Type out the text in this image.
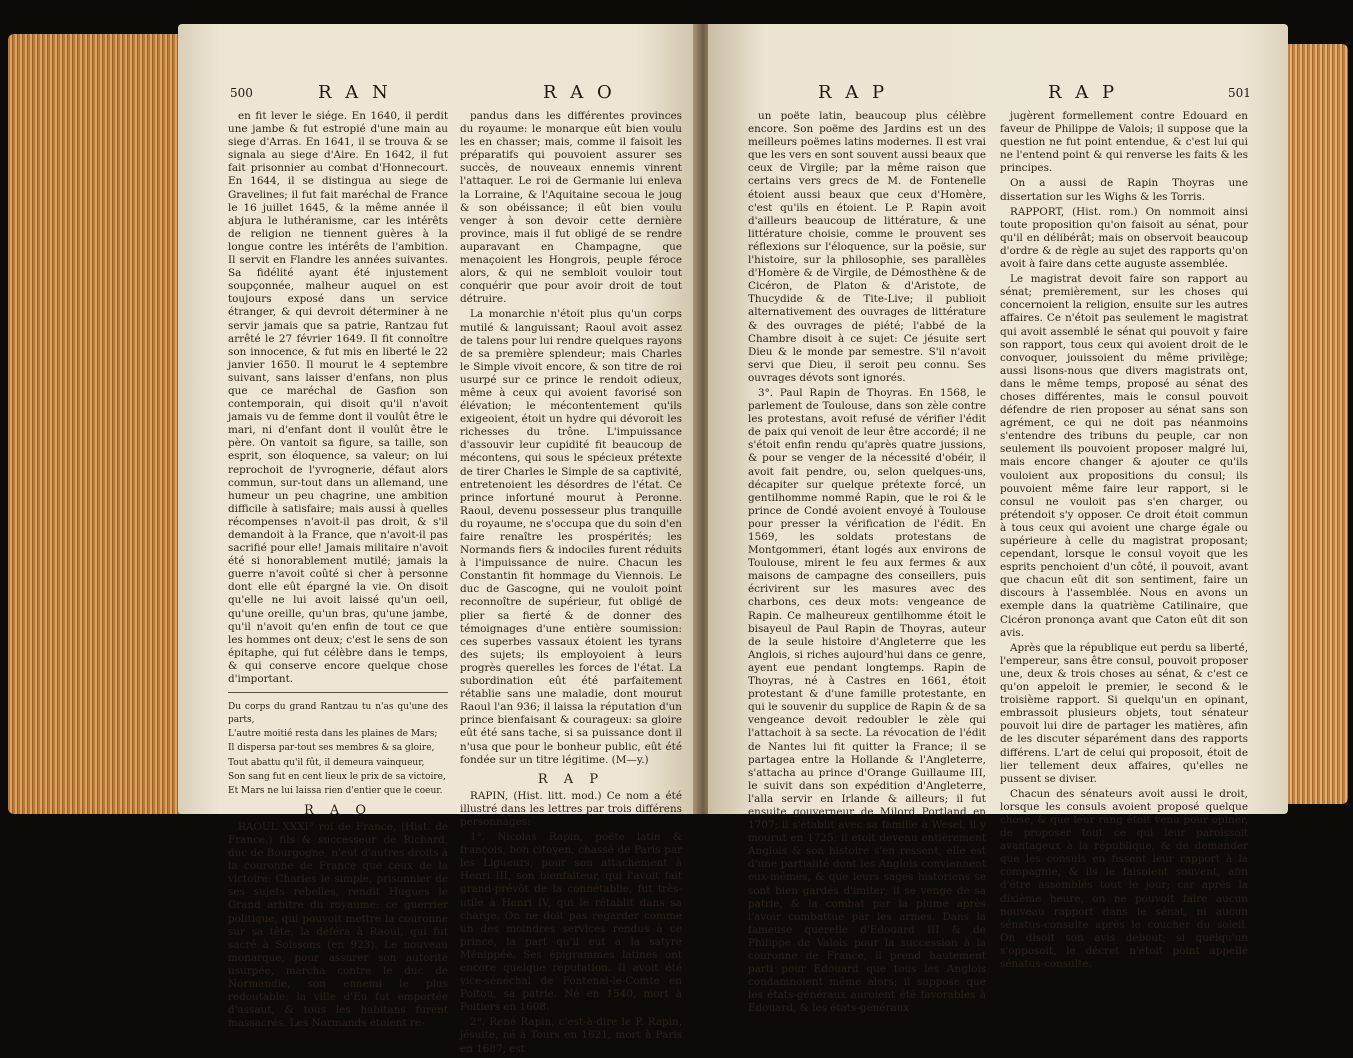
500	R A N	R A O

en fit lever le siége. En 1640, il perdit une jambe & fut estropié d'une main au siege d'Arras. En 1641, il se trouva & se signala au siege d'Aire. En 1642, il fut fait prisonnier au combat d'Honnecourt. En 1644, il se distingua au siege de Gravelines; il fut fait maréchal de France le 16 juillet 1645, & la même année il abjura le luthéranisme, car les intérêts de religion ne tiennent guères à la longue contre les intérêts de l'ambition. Il servit en Flandre les années suivantes. Sa fidélité ayant été injustement soupçonnée, malheur auquel on est toujours exposé dans un service étranger, & qui devroit déterminer à ne servir jamais que sa patrie, Rantzau fut arrêté le 27 février 1649. Il fit connoître son innocence, & fut mis en liberté le 22 janvier 1650. Il mourut le 4 septembre suivant, sans laisser d'enfans, non plus que ce maréchal de Gasfion son contemporain, qui disoit qu'il n'avoit jamais vu de femme dont il voulût être le mari, ni d'enfant dont il voulût être le père. On vantoit sa figure, sa taille, son esprit, son éloquence, sa valeur; on lui reprochoit de l'yvrognerie, défaut alors commun, sur-tout dans un allemand, une humeur un peu chagrine, une ambition difficile à satisfaire; mais aussi à quelles récompenses n'avoit-il pas droit, & s'il demandoit à la France, que n'avoit-il pas sacrifié pour elle! Jamais militaire n'avoit été si honorablement mutilé; jamais la guerre n'avoit coûté si cher à personne dont elle eût épargné la vie. On disoit qu'elle ne lui avoit laissé qu'un oeil, qu'une oreille, qu'un bras, qu'une jambe, qu'il n'avoit qu'en enfin de tout ce que les hommes ont deux; c'est le sens de son épitaphe, qui fut célèbre dans le temps, & qui conserve encore quelque chose d'important.

Du corps du grand Rantzau tu n'as qu'une des parts,

L'autre moitié resta dans les plaines de Mars;

Il dispersa par-tout ses membres & sa gloire,

Tout abattu qu'il fût, il demeura vainqueur,

Son sang fut en cent lieux le prix de sa victoire,

Et Mars ne lui laissa rien d'entier que le coeur.

R A O

RAOUL XXXI° roi de France, (Hist. de France.) fils & successeur de Richard, duc de Bourgogne, n'eut d'autres droits à la couronne de France que ceux de la victoire: Charles le simple, prisonnier de ses sujets rebelles, rendit Hugues le Grand arbitre du royaume: ce guerrier politique, qui pouvoit mettre la couronne sur sa tête, la déféra à Raoul, qui fut sacré à Soissons (en 923). Le nouveau monarque, pour assurer son autorité usurpée, marcha contre le duc de Normandie, son ennemi le plus redoutable; la ville d'Eu fut emportée d'assaut, & tous les habitans furent massacrés. Les Normands étoient re-

pandus dans les différentes provinces du royaume: le monarque eût bien voulu les en chasser; mais, comme il faisoit les préparatifs qui pouvoient assurer ses succès, de nouveaux ennemis vinrent l'attaquer. Le roi de Germanie lui enleva la Lorraine, & l'Aquitaine secoua le joug & son obéissance; il eût bien voulu venger à son devoir cette dernière province, mais il fut obligé de se rendre auparavant en Champagne, que menaçoient les Hongrois, peuple féroce alors, & qui ne sembloit vouloir tout conquérir que pour avoir droit de tout détruire.

La monarchie n'étoit plus qu'un corps mutilé & languissant; Raoul avoit assez de talens pour lui rendre quelques rayons de sa première splendeur; mais Charles le Simple vivoit encore, & son titre de roi usurpé sur ce prince le rendoit odieux, même à ceux qui avoient favorisé son élévation; le mécontentement qu'ils exigeoient, étoit un hydre qui dévoroit les richesses du trône. L'impuissance d'assouvir leur cupidité fit beaucoup de mécontens, qui sous le spécieux prétexte de tirer Charles le Simple de sa captivité, entretenoient les désordres de l'état. Ce prince infortuné mourut à Peronne. Raoul, devenu possesseur plus tranquille du royaume, ne s'occupa que du soin d'en faire renaître les prospérités; les Normands fiers & indociles furent réduits à l'impuissance de nuire. Chacun les Constantin fit hommage du Viennois. Le duc de Gascogne, qui ne vouloit point reconnoître de supérieur, fut obligé de plier sa fierté & de donner des témoignages d'une entière soumission: ces superbes vassaux étoient les tyrans des sujets; ils employoient à leurs progrès querelles les forces de l'état. La subordination eût été parfaitement rétablie sans une maladie, dont mourut Raoul l'an 936; il laissa la réputation d'un prince bienfaisant & courageux: sa gloire eût été sans tache, si sa puissance dont il n'usa que pour le bonheur public, eût été fondée sur un titre légitime. (M—y.)

R A P

RAPIN, (Hist. litt. mod.) Ce nom a été illustré dans les lettres par trois différens personnages:

1°. Nicolas Rapin, poëte latin & françois, bon citoyen, chassé de Paris par les Ligueurs, pour son attachement à Henri III, son bienfaiteur, qui l'avoit fait grand-prévôt de la connétablie, fut très-utile à Henri IV, qui le rétablit dans sa charge. On ne doit pas regarder comme un des moindres services rendus à ce prince, la part qu'il eut à la satyre Ménippée. Ses épigrammes latines ont encore quelque réputation. Il avoit été vice-sénéchal de Fontenai-le-Comte en Poitou, sa patrie. Né en 1540, mort à Poitiers en 1608.

2°. René Rapin, c'est-à-dire le P. Rapin, jésuite, né à Tours en 1621, mort à Paris en 1687, est

R A P	R A P	501

un poëte latin, beaucoup plus célèbre encore. Son poëme des Jardins est un des meilleurs poëmes latins modernes. Il est vrai que les vers en sont souvent aussi beaux que ceux de Virgile; par la même raison que certains vers grecs de M. de Fontenelle étoient aussi beaux que ceux d'Homère, c'est qu'ils en étoient. Le P. Rapin avoit d'ailleurs beaucoup de littérature, & une littérature choisie, comme le prouvent ses réflexions sur l'éloquence, sur la poësie, sur l'histoire, sur la philosophie, ses parallèles d'Homère & de Virgile, de Démosthène & de Cicéron, de Platon & d'Aristote, de Thucydide & de Tite-Live; il publioit alternativement des ouvrages de littérature & des ouvrages de piété; l'abbé de la Chambre disoit à ce sujet: Ce jésuite sert Dieu & le monde par semestre. S'il n'avoit servi que Dieu, il seroit peu connu. Ses ouvrages dévots sont ignorés.

3°. Paul Rapin de Thoyras. En 1568, le parlement de Toulouse, dans son zèle contre les protestans, avoit refusé de vérifier l'édit de paix qui venoit de leur être accordé; il ne s'étoit enfin rendu qu'après quatre jussions, & pour se venger de la nécessité d'obéir, il avoit fait pendre, ou, selon quelques-uns, décapiter sur quelque prétexte forcé, un gentilhomme nommé Rapin, que le roi & le prince de Condé avoient envoyé à Toulouse pour presser la vérification de l'édit. En 1569, les soldats protestans de Montgommeri, étant logés aux environs de Toulouse, mirent le feu aux fermes & aux maisons de campagne des conseillers, puis écrivirent sur les masures avec des charbons, ces deux mots: vengeance de Rapin. Ce malheureux gentilhomme étoit le bisayeul de Paul Rapin de Thoyras, auteur de la seule histoire d'Angleterre que les Anglois, si riches aujourd'hui dans ce genre, ayent eue pendant longtemps. Rapin de Thoyras, né à Castres en 1661, étoit protestant & d'une famille protestante, en qui le souvenir du supplice de Rapin & de sa vengeance devoit redoubler le zèle qui l'attachoit à sa secte. La révocation de l'édit de Nantes lui fit quitter la France; il se partagea entre la Hollande & l'Angleterre, s'attacha au prince d'Orange Guillaume III, le suivit dans son expédition d'Angleterre, l'alla servir en Irlande & ailleurs; il fut ensuite gouverneur de Milord Portland en 1707; il s'établit avec sa famille à Wesel, il y mourut en 1725: il étoit devenu entièrement Anglois & son histoire s'en ressent, elle est d'une partialité dont les Anglois conviennent eux-mêmes, & que leurs sages historiens se sont bien gardés d'imiter; il se venge de sa patrie, & la combat par la plume après l'avoir combattue par les armes. Dans la fameuse querelle d'Edouard III & de Philippe de Valois pour la succession à la couronne de France, il prend hautement parti pour Edouard que tous les Anglois condamnoient même alors; il suppose que les états-généraux auroient été favorables à Edouard, & les états-généraux

jugèrent formellement contre Edouard en faveur de Philippe de Valois; il suppose que la question ne fut point entendue, & c'est lui qui ne l'entend point & qui renverse les faits & les principes.

On a aussi de Rapin Thoyras une dissertation sur les Wighs & les Torris.

RAPPORT, (Hist. rom.) On nommoit ainsi toute proposition qu'on faisoit au sénat, pour qu'il en délibérât; mais on observoit beaucoup d'ordre & de règle au sujet des rapports qu'on avoit à faire dans cette auguste assemblée.

Le magistrat devoit faire son rapport au sénat; premièrement, sur les choses qui concernoient la religion, ensuite sur les autres affaires. Ce n'étoit pas seulement le magistrat qui avoit assemblé le sénat qui pouvoit y faire son rapport, tous ceux qui avoient droit de le convoquer, jouissoient du même privilège; aussi lisons-nous que divers magistrats ont, dans le même temps, proposé au sénat des choses différentes, mais le consul pouvoit défendre de rien proposer au sénat sans son agrément, ce qui ne doit pas néanmoins s'entendre des tribuns du peuple, car non seulement ils pouvoient proposer malgré lui, mais encore changer & ajouter ce qu'ils vouloient aux propositions du consul; ils pouvoient même faire leur rapport, si le consul ne vouloit pas s'en charger, ou prétendoit s'y opposer. Ce droit étoit commun à tous ceux qui avoient une charge égale ou supérieure à celle du magistrat proposant; cependant, lorsque le consul voyoit que les esprits penchoient d'un côté, il pouvoit, avant que chacun eût dit son sentiment, faire un discours à l'assemblée. Nous en avons un exemple dans la quatrième Catilinaire, que Cicéron prononça avant que Caton eût dit son avis.

Après que la république eut perdu sa liberté, l'empereur, sans être consul, pouvoit proposer une, deux & trois choses au sénat, & c'est ce qu'on appeloit le premier, le second & le troisième rapport. Si quelqu'un en opinant, embrassoit plusieurs objets, tout sénateur pouvoit lui dire de partager les matières, afin de les discuter séparément dans des rapports différens. L'art de celui qui proposoit, étoit de lier tellement deux affaires, qu'elles ne pussent se diviser.

Chacun des sénateurs avoit aussi le droit, lorsque les consuls avoient proposé quelque chose, & que leur rang étoit venu pour opiner, de proposer tout ce qui leur paroissoit avantageux à la république, & de demander que les consuls en fissent leur rapport à la compagnie, & ils le faisoient souvent, afin d'être assemblés tout le jour; car après la dixième heure, on ne pouvoit faire aucun nouveau rapport dans le sénat, ni aucun sénatus-consulte après le coucher du soleil. On disoit son avis debout; si quelqu'un s'opposoit, le décret n'étoit point appellé sénatus-consulte.
